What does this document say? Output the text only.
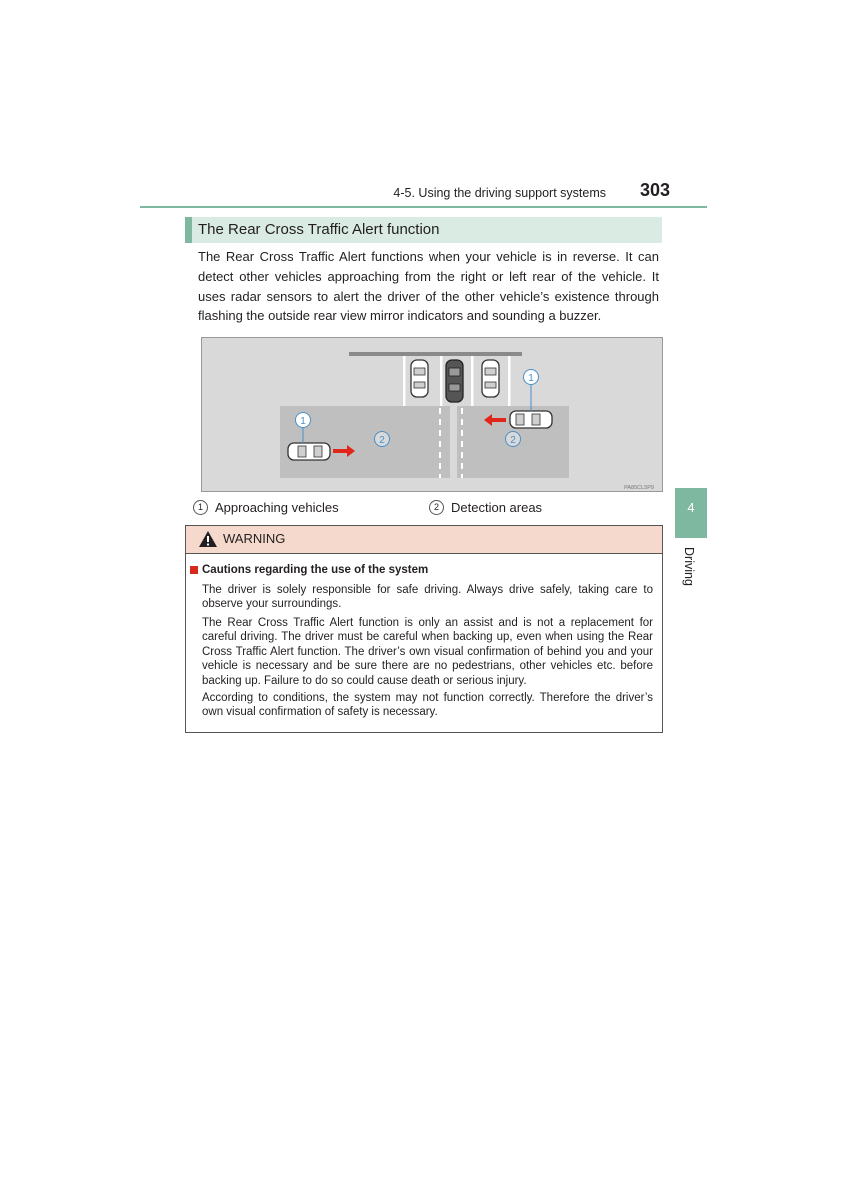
4-5. Using the driving support systems 303
4
Driving
The Rear Cross Traffic Alert function

The Rear Cross Traffic Alert functions when your vehicle is in reverse. It can detect other vehicles approaching from the right or left rear of the vehicle. It uses radar sensors to alert the driver of the other vehicle’s existence through flashing the outside rear view mirror indicators and sounding a buzzer.

1
1
2	2
PA85CL5P9
1 Approaching vehicles	2 Detection areas
WARNING
Cautions regarding the use of the system

The driver is solely responsible for safe driving. Always drive safely, taking care to observe your surroundings.

The Rear Cross Traffic Alert function is only an assist and is not a replacement for careful driving. The driver must be careful when backing up, even when using the Rear Cross Traffic Alert function. The driver’s own visual confirmation of behind you and your vehicle is necessary and be sure there are no pedestrians, other vehicles etc. before backing up. Failure to do so could cause death or serious injury.

According to conditions, the system may not function correctly. Therefore the driver’s own visual confirmation of safety is necessary.
